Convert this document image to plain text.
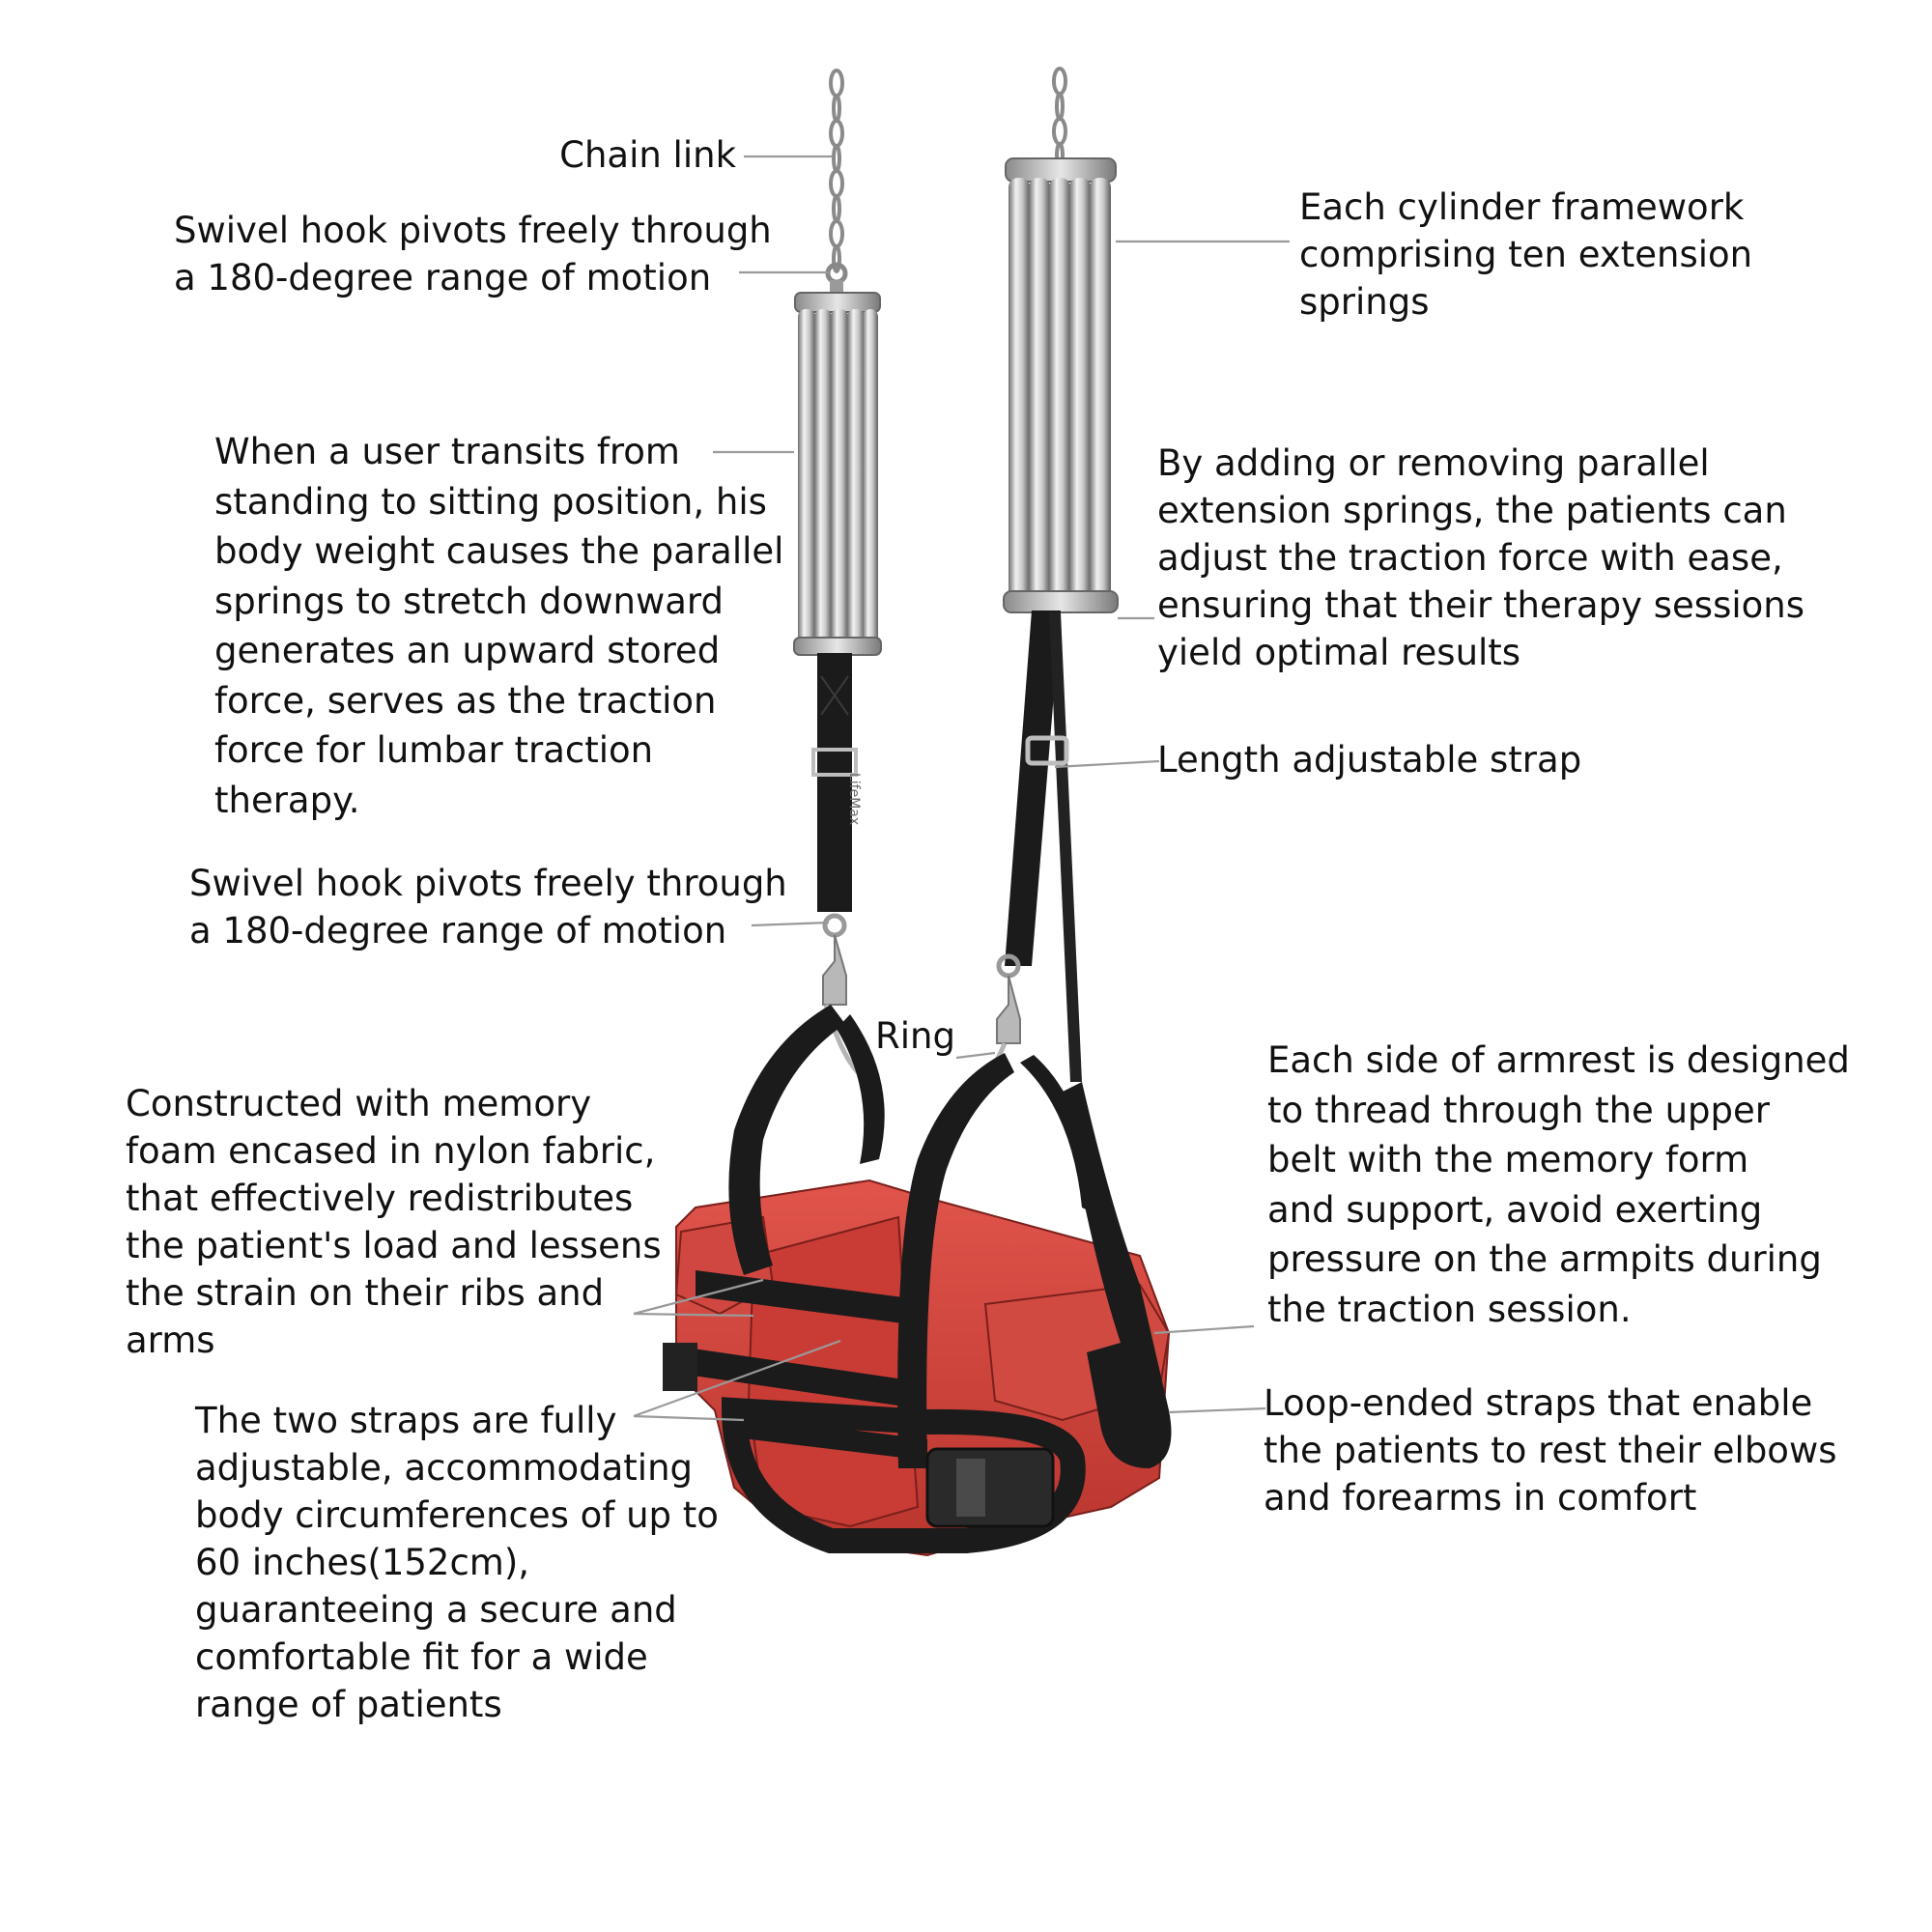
LifeMax

Chain link

Swivel hook pivots freely through
a 180-degree range of motion

Each cylinder framework
comprising ten extension
springs

When a user transits from
standing to sitting position, his
body weight causes the parallel
springs to stretch downward
generates an upward stored
force, serves as the traction
force for lumbar traction
therapy.

By adding or removing parallel
extension springs, the patients can
adjust the traction force with ease,
ensuring that their therapy sessions
yield optimal results

Length adjustable strap

Swivel hook pivots freely through
a 180-degree range of motion

Ring

Each side of armrest is designed
to thread through the upper
belt with the memory form
and support, avoid exerting
pressure on the armpits during
the traction session.

Constructed with memory
foam encased in nylon fabric,
that effectively redistributes
the patient's load and lessens
the strain on their ribs and
arms

Loop-ended straps that enable
the patients to rest their elbows
and forearms in comfort

The two straps are fully
adjustable, accommodating
body circumferences of up to
60 inches(152cm),
guaranteeing a secure and
comfortable fit for a wide
range of patients
